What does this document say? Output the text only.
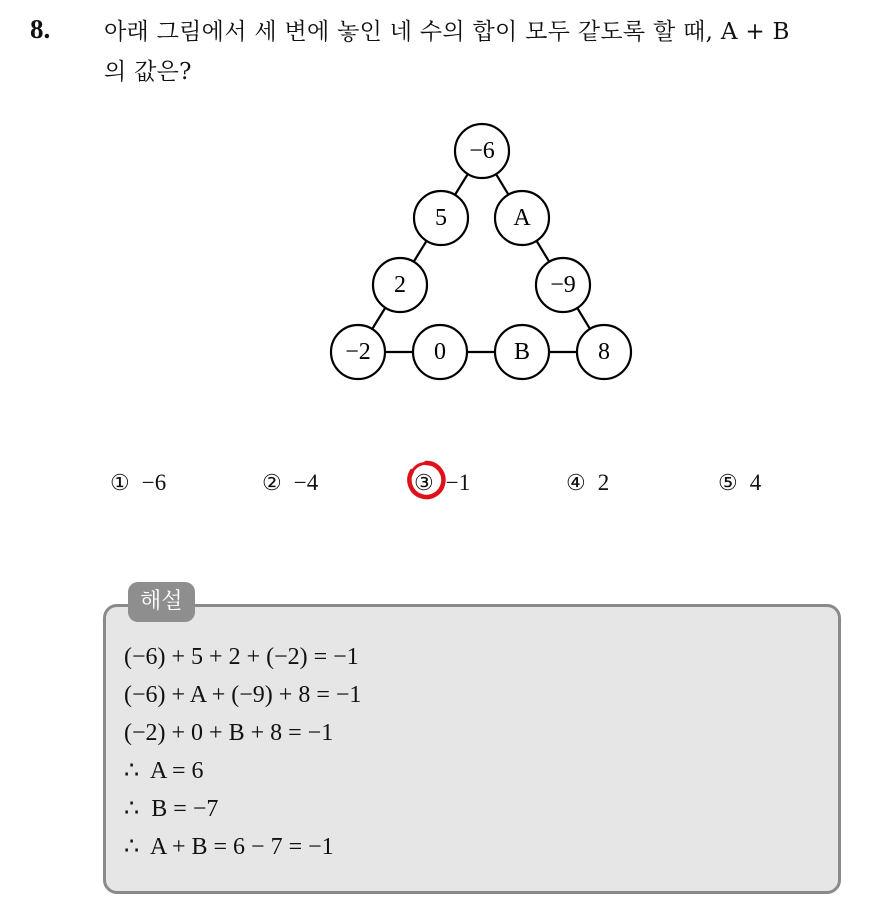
8. 아래 그림에서 세 변에 놓인 네 수의 합이 모두 같도록 할 때, A + B
의 값은?
−6
5	A
2	−9
−2	0	B	8
① −6	② −4	③ −1	④ 2	⑤ 4
해설
(−6) + 5 + 2 + (−2) = −1
(−6) + A + (−9) + 8 = −1
(−2) + 0 + B + 8 = −1
∴  A = 6
∴  B = −7
∴  A + B = 6 − 7 = −1
